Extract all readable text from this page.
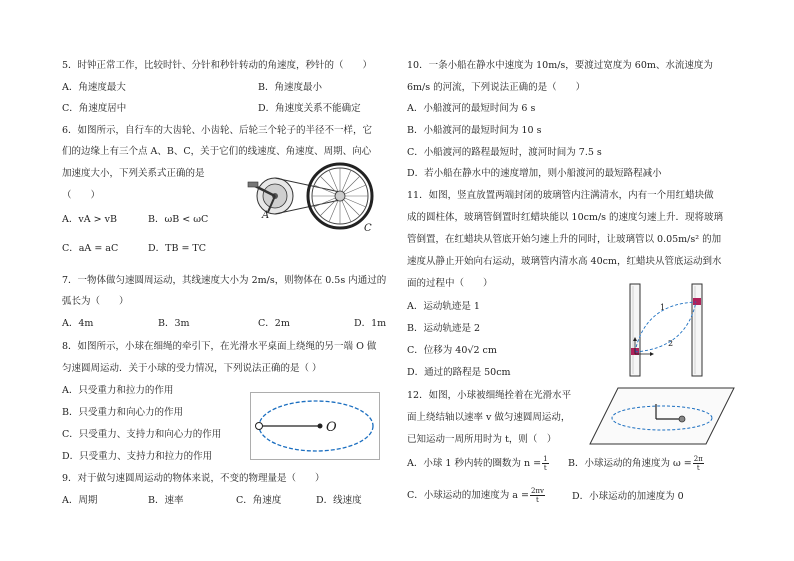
5．时钟正常工作，比较时针、分针和秒针转动的角速度，秒针的（　　）
A．角速度最大	B．角速度最小
C．角速度居中	D．角速度关系不能确定
6．如图所示，自行车的大齿轮、小齿轮、后轮三个轮子的半径不一样，它
们的边缘上有三个点 A、B、C，关于它们的线速度、角速度、周期、向心
加速度大小，下列关系式正确的是
（　　）
A．vA > vB	B．ωB < ωC
C．aA = aC	D．TB = TC
A
C
7．一物体做匀速圆周运动，其线速度大小为 2m/s，则物体在 0.5s 内通过的
弧长为（　　）
A．4m	B．3m	C．2m	D．1m
8．如图所示，小球在细绳的牵引下，在光滑水平桌面上绕绳的另一端 O 做
匀速圆周运动．关于小球的受力情况，下列说法正确的是（ ）
A．只受重力和拉力的作用
B．只受重力和向心力的作用
C．只受重力、支持力和向心力的作用
D．只受重力、支持力和拉力的作用
O
9．对于做匀速圆周运动的物体来说，不变的物理量是（　　）
A．周期	B．速率	C．角速度	D．线速度
10．一条小船在静水中速度为 10m/s，要渡过宽度为 60m、水流速度为
6m/s 的河流，下列说法正确的是（　　）
A．小船渡河的最短时间为 6 s
B．小船渡河的最短时间为 10 s
C．小船渡河的路程最短时，渡河时间为 7.5 s
D．若小船在静水中的速度增加，则小船渡河的最短路程减小
11．如图，竖直放置两端封闭的玻璃管内注满清水，内有一个用红蜡块做
成的圆柱体，玻璃管倒置时红蜡块能以 10cm/s 的速度匀速上升．现将玻璃
管倒置，在红蜡块从管底开始匀速上升的同时，让玻璃管以 0.05m/s² 的加
速度从静止开始向右运动，玻璃管内清水高 40cm，红蜡块从管底运动到水
面的过程中（　　）
A．运动轨迹是 1
B．运动轨迹是 2
C．位移为 40√2 cm
D．通过的路程是 50cm
1
2
12．如图，小球被细绳拴着在光滑水平
面上绕结轴以速率 v 做匀速圆周运动，
已知运动一周所用时为 t，则（　）
A．小球 1 秒内转的圈数为 $n = \frac{1}{t}$ B．小球运动的角速度为 $\omega = \frac{2\pi}{t}$
C．小球运动的加速度为 $a = \frac{2\pi v}{t}$	D．小球运动的加速度为 0
